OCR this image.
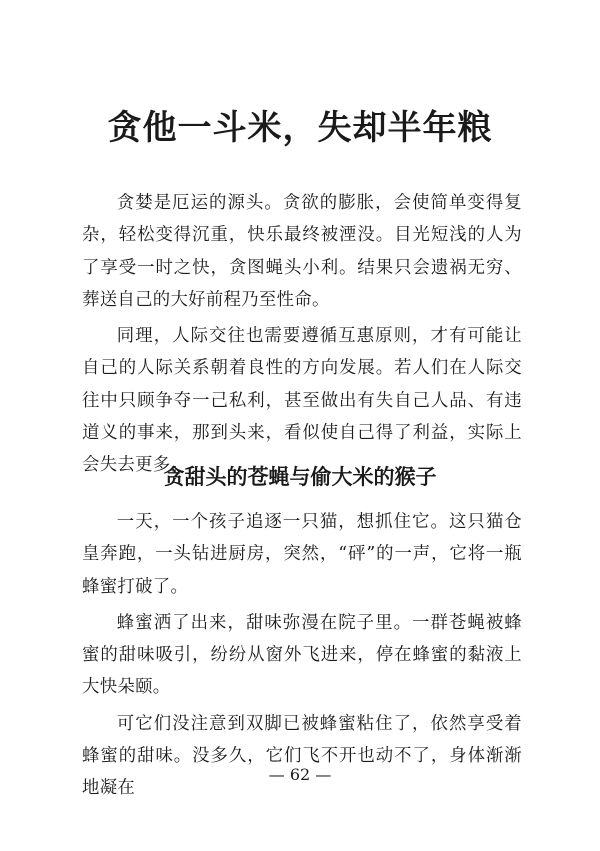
贪他一斗米，失却半年粮

贪婪是厄运的源头。贪欲的膨胀，会使简单变得复杂，轻松变得沉重，快乐最终被湮没。目光短浅的人为了享受一时之快，贪图蝇头小利。结果只会遗祸无穷、葬送自己的大好前程乃至性命。

同理，人际交往也需要遵循互惠原则，才有可能让自己的人际关系朝着良性的方向发展。若人们在人际交往中只顾争夺一己私利，甚至做出有失自己人品、有违道义的事来，那到头来，看似使自己得了利益，实际上会失去更多。

贪甜头的苍蝇与偷大米的猴子

一天，一个孩子追逐一只猫，想抓住它。这只猫仓皇奔跑，一头钻进厨房，突然，“砰”的一声，它将一瓶蜂蜜打破了。

蜂蜜洒了出来，甜味弥漫在院子里。一群苍蝇被蜂蜜的甜味吸引，纷纷从窗外飞进来，停在蜂蜜的黏液上大快朵颐。

可它们没注意到双脚已被蜂蜜粘住了，依然享受着蜂蜜的甜味。没多久，它们飞不开也动不了，身体渐渐地凝在

— 62 —
